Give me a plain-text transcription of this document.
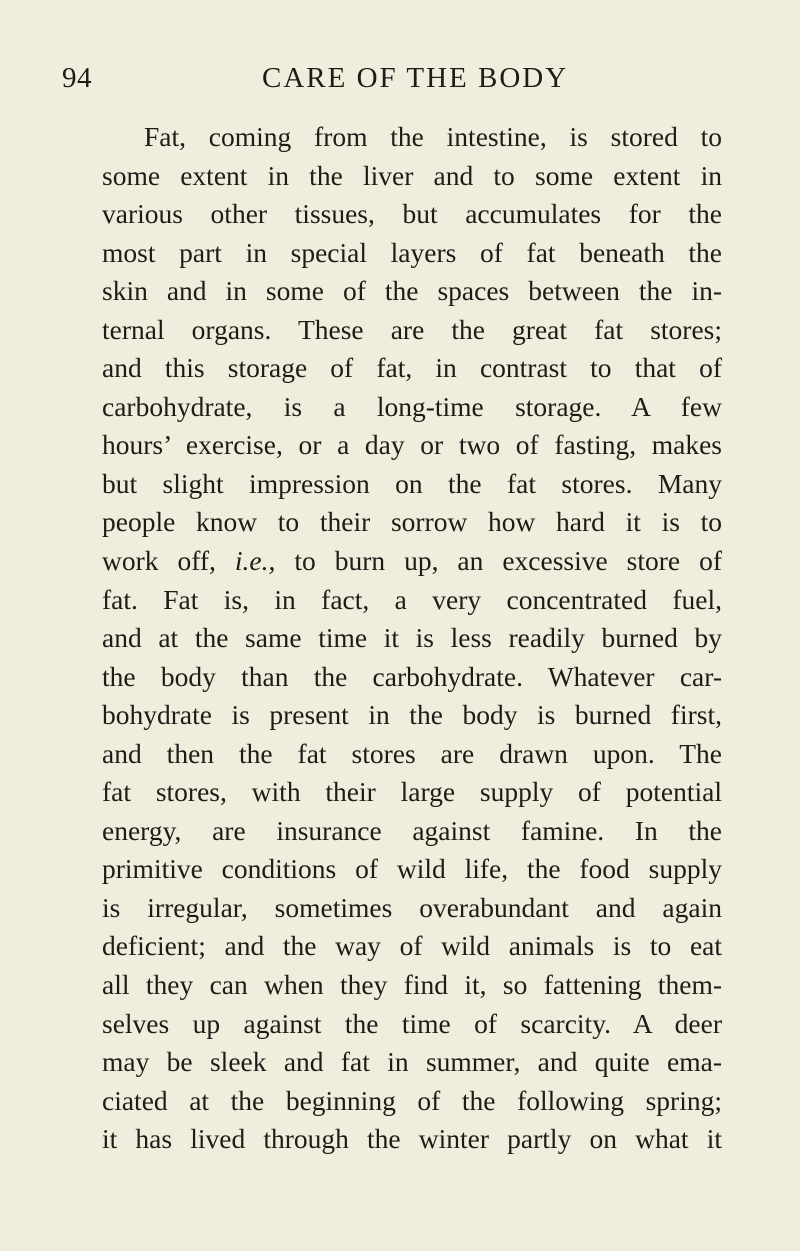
94	CARE OF THE BODY
Fat, coming from the intestine, is stored to
some extent in the liver and to some extent in
various other tissues, but accumulates for the
most part in special layers of fat beneath the
skin and in some of the spaces between the in-
ternal organs. These are the great fat stores;
and this storage of fat, in contrast to that of
carbohydrate, is a long-time storage. A few
hours’ exercise, or a day or two of fasting, makes
but slight impression on the fat stores. Many
people know to their sorrow how hard it is to
work off, i.e., to burn up, an excessive store of
fat. Fat is, in fact, a very concentrated fuel,
and at the same time it is less readily burned by
the body than the carbohydrate. Whatever car-
bohydrate is present in the body is burned first,
and then the fat stores are drawn upon. The
fat stores, with their large supply of potential
energy, are insurance against famine. In the
primitive conditions of wild life, the food supply
is irregular, sometimes overabundant and again
deficient; and the way of wild animals is to eat
all they can when they find it, so fattening them-
selves up against the time of scarcity. A deer
may be sleek and fat in summer, and quite ema-
ciated at the beginning of the following spring;
it has lived through the winter partly on what it
